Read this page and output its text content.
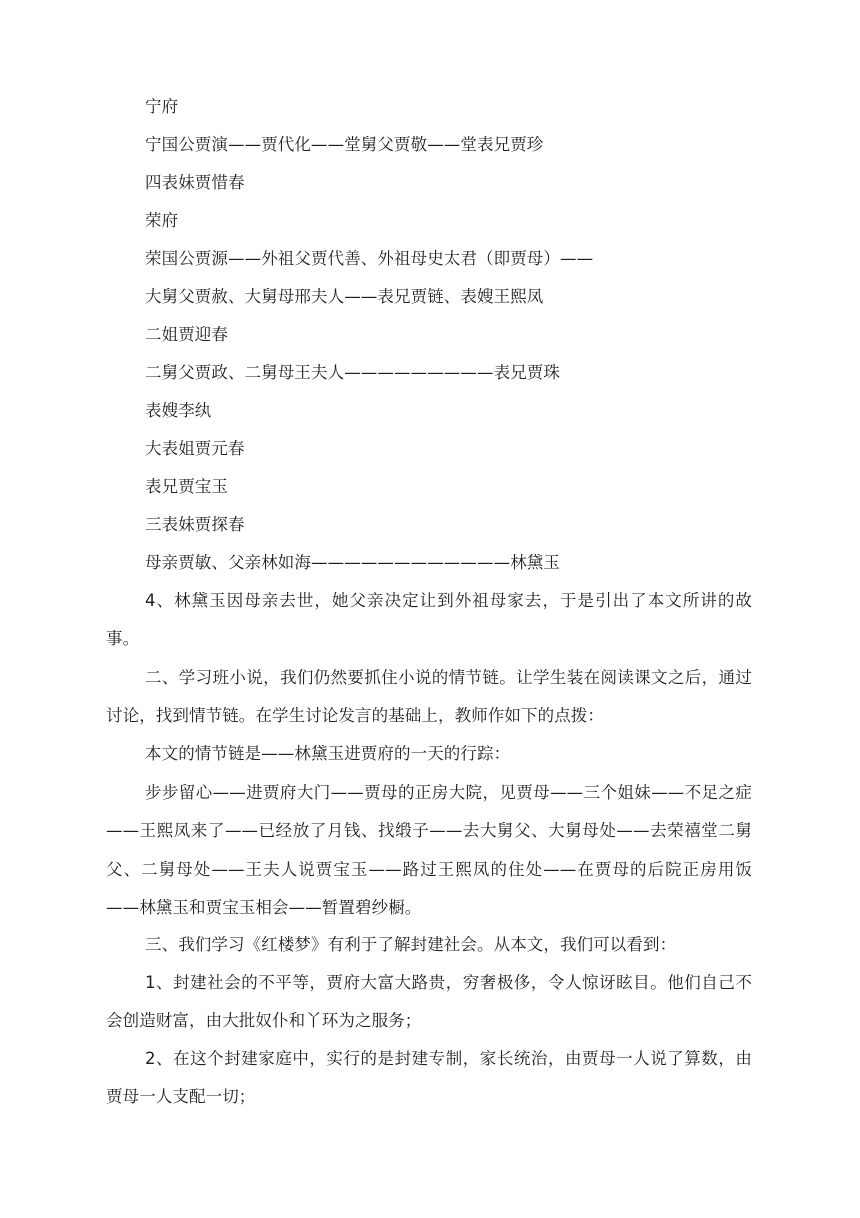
宁府
宁国公贾演——贾代化——堂舅父贾敬——堂表兄贾珍
四表妹贾惜春
荣府
荣国公贾源——外祖父贾代善、外祖母史太君（即贾母）——
大舅父贾赦、大舅母邢夫人——表兄贾链、表嫂王熙凤
二姐贾迎春
二舅父贾政、二舅母王夫人—————————表兄贾珠
表嫂李纨
大表姐贾元春
表兄贾宝玉
三表妹贾探春
母亲贾敏、父亲林如海————————————林黛玉

4、林黛玉因母亲去世，她父亲决定让到外祖母家去，于是引出了本文所讲的故事。

二、学习班小说，我们仍然要抓住小说的情节链。让学生装在阅读课文之后，通过讨论，找到情节链。在学生讨论发言的基础上，教师作如下的点拨：

本文的情节链是——林黛玉进贾府的一天的行踪：

步步留心——进贾府大门——贾母的正房大院，见贾母——三个姐妹——不足之症——王熙凤来了——已经放了月钱、找缎子——去大舅父、大舅母处——去荣禧堂二舅父、二舅母处——王夫人说贾宝玉——路过王熙凤的住处——在贾母的后院正房用饭——林黛玉和贾宝玉相会——暂置碧纱橱。

三、我们学习《红楼梦》有利于了解封建社会。从本文，我们可以看到：

1、封建社会的不平等，贾府大富大路贵，穷奢极侈，令人惊讶眩目。他们自己不会创造财富，由大批奴仆和丫环为之服务；

2、在这个封建家庭中，实行的是封建专制，家长统治，由贾母一人说了算数，由贾母一人支配一切；
